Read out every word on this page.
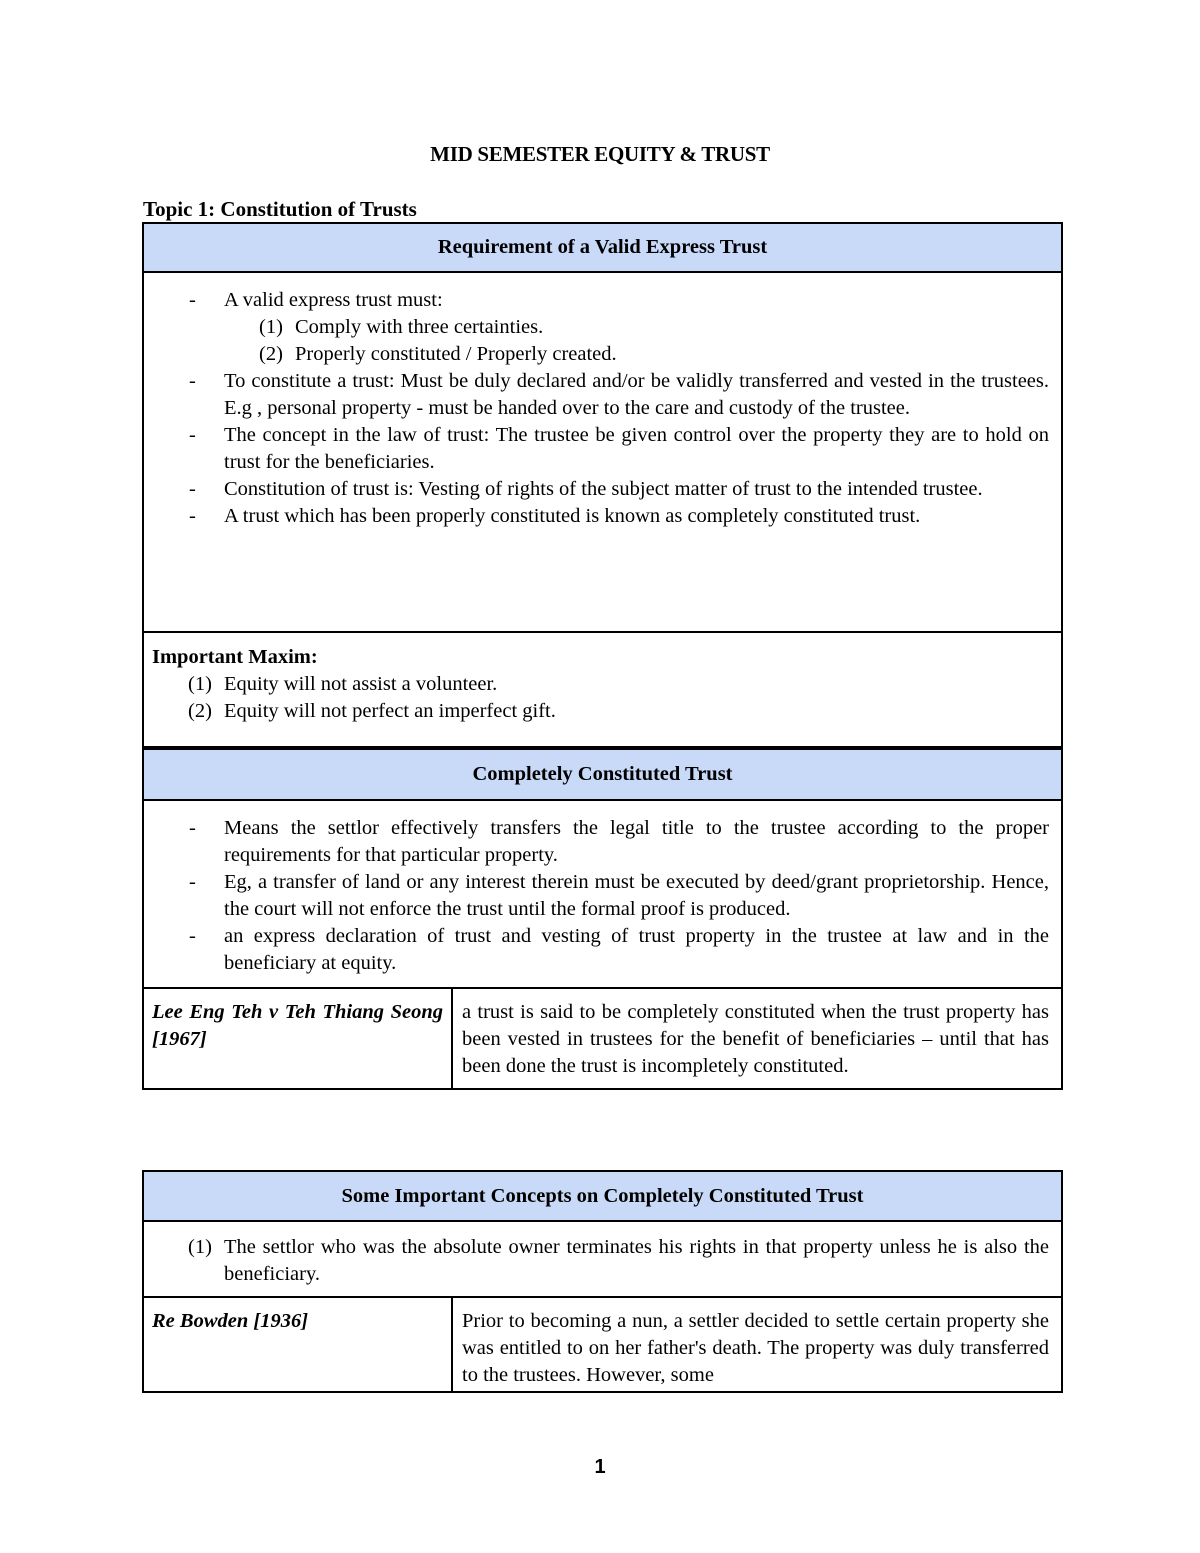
MID SEMESTER EQUITY & TRUST
Topic 1: Constitution of Trusts
Requirement of a Valid Express Trust

- A valid express trust must:
(1) Comply with three certainties.
(2) Properly constituted / Properly created.
- To constitute a trust: Must be duly declared and/or be validly transferred and vested in the trustees. E.g , personal property - must be handed over to the care and custody of the trustee.
- The concept in the law of trust: The trustee be given control over the property they are to hold on trust for the beneficiaries.
- Constitution of trust is: Vesting of rights of the subject matter of trust to the intended trustee.
- A trust which has been properly constituted is known as completely constituted trust.

Important Maxim:
(1) Equity will not assist a volunteer.
(2) Equity will not perfect an imperfect gift.
Completely Constituted Trust

- Means the settlor effectively transfers the legal title to the trustee according to the proper requirements for that particular property.
- Eg, a transfer of land or any interest therein must be executed by deed/grant proprietorship. Hence, the court will not enforce the trust until the formal proof is produced.
- an express declaration of trust and vesting of trust property in the trustee at law and in the beneficiary at equity.

Lee Eng Teh v Teh Thiang Seong [1967]	a trust is said to be completely constituted when the trust property has been vested in trustees for the benefit of beneficiaries – until that has been done the trust is incompletely constituted.
Some Important Concepts on Completely Constituted Trust

(1) The settlor who was the absolute owner terminates his rights in that property unless he is also the beneficiary.

Re Bowden [1936]	Prior to becoming a nun, a settler decided to settle certain property she was entitled to on her father's death. The property was duly transferred to the trustees. However, some
1
